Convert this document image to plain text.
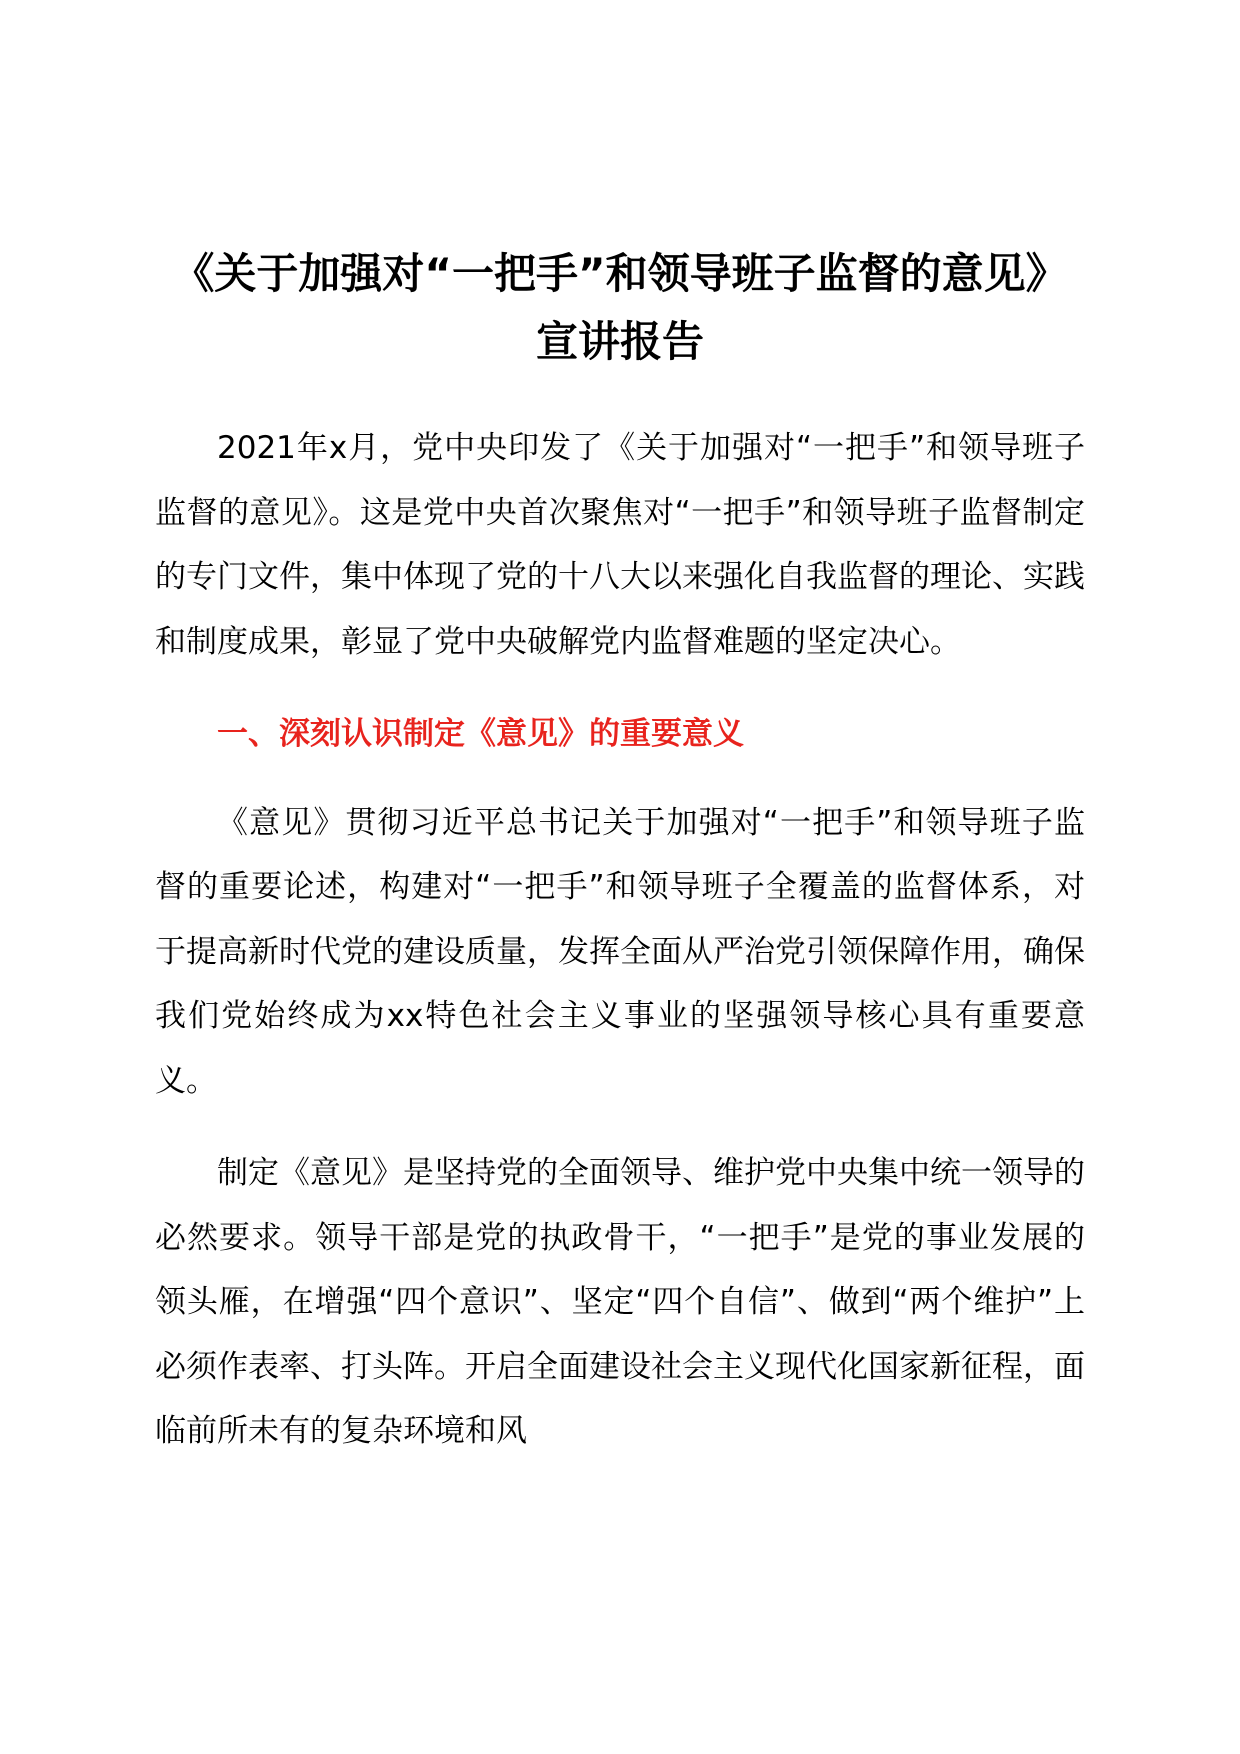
《关于加强对“一把手”和领导班子监督的意见》宣讲报告

2021年x月，党中央印发了《关于加强对“一把手”和领导班子监督的意见》。这是党中央首次聚焦对“一把手”和领导班子监督制定的专门文件，集中体现了党的十八大以来强化自我监督的理论、实践和制度成果，彰显了党中央破解党内监督难题的坚定决心。

一、深刻认识制定《意见》的重要意义

《意见》贯彻习近平总书记关于加强对“一把手”和领导班子监督的重要论述，构建对“一把手”和领导班子全覆盖的监督体系，对于提高新时代党的建设质量，发挥全面从严治党引领保障作用，确保我们党始终成为xx特色社会主义事业的坚强领导核心具有重要意义。

制定《意见》是坚持党的全面领导、维护党中央集中统一领导的必然要求。领导干部是党的执政骨干，“一把手”是党的事业发展的领头雁，在增强“四个意识”、坚定“四个自信”、做到“两个维护”上必须作表率、打头阵。开启全面建设社会主义现代化国家新征程，面临前所未有的复杂环境和风
